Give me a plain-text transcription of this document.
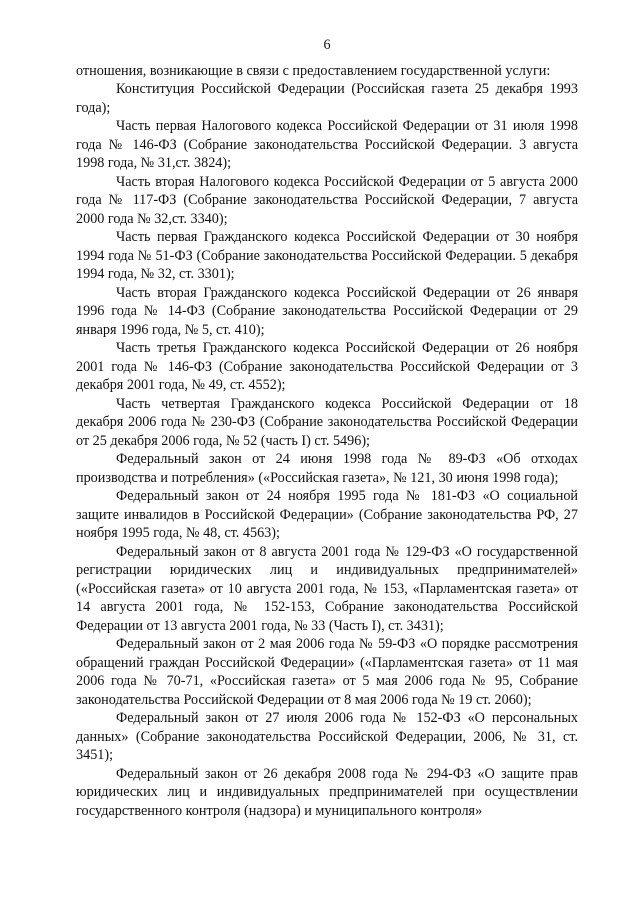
6

отношения, возникающие в связи с предоставлением государственной услуги:

Конституция Российской Федерации (Российская газета 25 декабря 1993 года);

Часть первая Налогового кодекса Российской Федерации от 31 июля 1998 года № 146-ФЗ (Собрание законодательства Российской Федерации. 3 августа 1998 года, № 31,ст. 3824);

Часть вторая Налогового кодекса Российской Федерации от 5 августа 2000 года № 117-ФЗ (Собрание законодательства Российской Федерации, 7 августа 2000 года № 32,ст. 3340);

Часть первая Гражданского кодекса Российской Федерации от 30 ноября 1994 года № 51-ФЗ (Собрание законодательства Российской Федерации. 5 декабря 1994 года, № 32, ст. 3301);

Часть вторая Гражданского кодекса Российской Федерации от 26 января 1996 года № 14-ФЗ (Собрание законодательства Российской Федерации от 29 января 1996 года, № 5, ст. 410);

Часть третья Гражданского кодекса Российской Федерации от 26 ноября 2001 года № 146-ФЗ (Собрание законодательства Российской Федерации от 3 декабря 2001 года, № 49, ст. 4552);

Часть четвертая Гражданского кодекса Российской Федерации от 18 декабря 2006 года № 230-ФЗ (Собрание законодательства Российской Федерации от 25 декабря 2006 года, № 52 (часть I) ст. 5496);

Федеральный закон от 24 июня 1998 года № 89-ФЗ «Об отходах производства и потребления» («Российская газета», № 121, 30 июня 1998 года);

Федеральный закон от 24 ноября 1995 года № 181-ФЗ «О социальной защите инвалидов в Российской Федерации» (Собрание законодательства РФ, 27 ноября 1995 года, № 48, ст. 4563);

Федеральный закон от 8 августа 2001 года № 129-ФЗ «О государственной регистрации юридических лиц и индивидуальных предпринимателей» («Российская газета» от 10 августа 2001 года, № 153, «Парламентская газета» от 14 августа 2001 года, № 152-153, Собрание законодательства Российской Федерации от 13 августа 2001 года, № 33 (Часть I), ст. 3431);

Федеральный закон от 2 мая 2006 года № 59-ФЗ «О порядке рассмотрения обращений граждан Российской Федерации» («Парламентская газета» от 11 мая 2006 года № 70-71, «Российская газета» от 5 мая 2006 года № 95, Собрание законодательства Российской Федерации от 8 мая 2006 года № 19 ст. 2060);

Федеральный закон от 27 июля 2006 года № 152-ФЗ «О персональных данных» (Собрание законодательства Российской Федерации, 2006, № 31, ст. 3451);

Федеральный закон от 26 декабря 2008 года № 294-ФЗ «О защите прав юридических лиц и индивидуальных предпринимателей при осуществлении государственного контроля (надзора) и муниципального контроля»
